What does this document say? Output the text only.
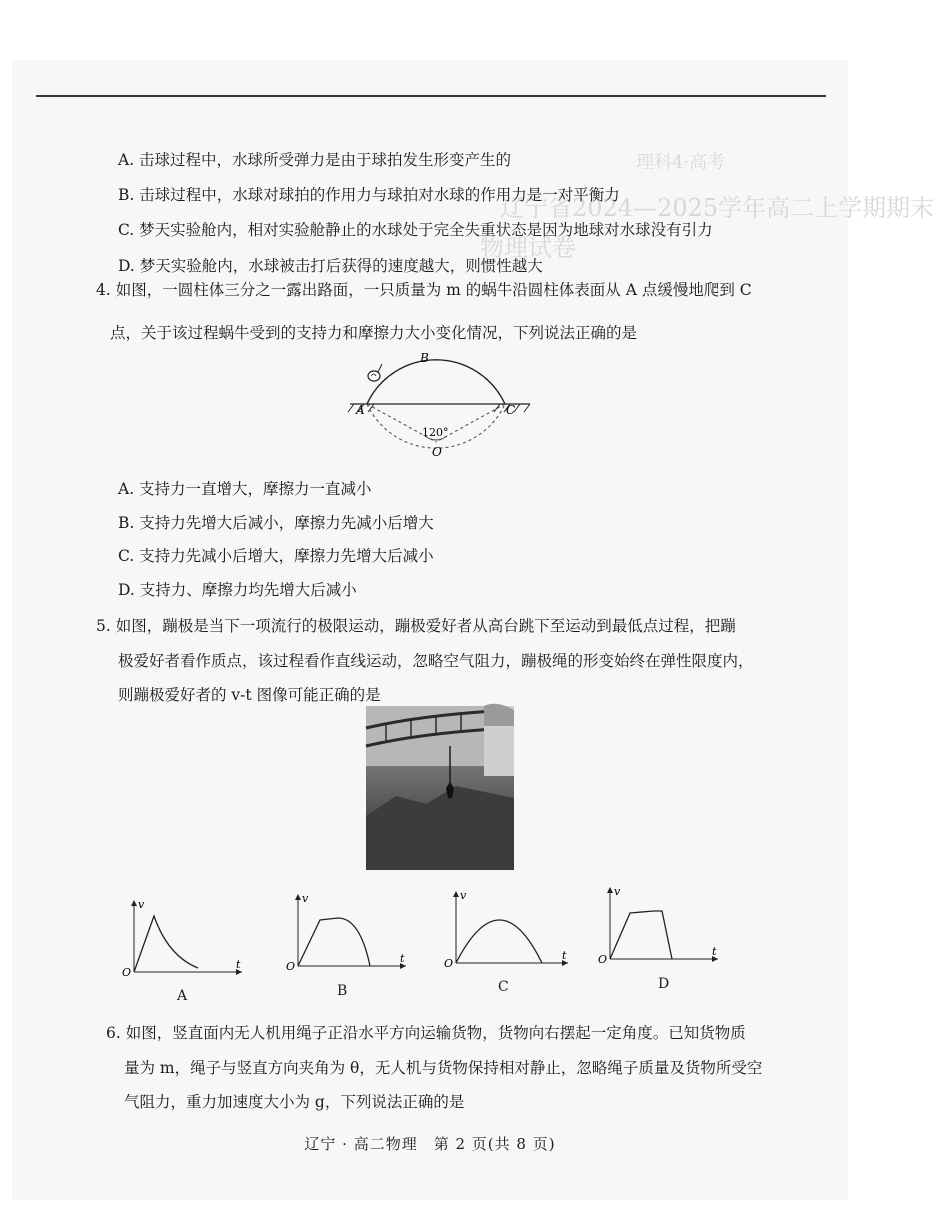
理科4·高考
辽宁省2024—2025学年高二上学期期末
物理试卷
A. 击球过程中，水球所受弹力是由于球拍发生形变产生的
B. 击球过程中，水球对球拍的作用力与球拍对水球的作用力是一对平衡力
C. 梦天实验舱内，相对实验舱静止的水球处于完全失重状态是因为地球对水球没有引力
D. 梦天实验舱内，水球被击打后获得的速度越大，则惯性越大
4. 如图，一圆柱体三分之一露出路面，一只质量为 m 的蜗牛沿圆柱体表面从 A 点缓慢地爬到 C
点，关于该过程蜗牛受到的支持力和摩擦力大小变化情况，下列说法正确的是
B
A	C
120°
O
A. 支持力一直增大，摩擦力一直减小
B. 支持力先增大后减小，摩擦力先减小后增大
C. 支持力先减小后增大，摩擦力先增大后减小
D. 支持力、摩擦力均先增大后减小
5. 如图，蹦极是当下一项流行的极限运动，蹦极爱好者从高台跳下至运动到最低点过程，把蹦
极爱好者看作质点，该过程看作直线运动，忽略空气阻力，蹦极绳的形变始终在弹性限度内，
则蹦极爱好者的 v-t 图像可能正确的是
v
t
O
A
v
t
O
B
v
t
O
C
v
t
O
D
6. 如图，竖直面内无人机用绳子正沿水平方向运输货物，货物向右摆起一定角度。已知货物质
量为 m，绳子与竖直方向夹角为 θ，无人机与货物保持相对静止，忽略绳子质量及货物所受空
气阻力，重力加速度大小为 g，下列说法正确的是
辽宁 · 高二物理　第 2 页(共 8 页)
